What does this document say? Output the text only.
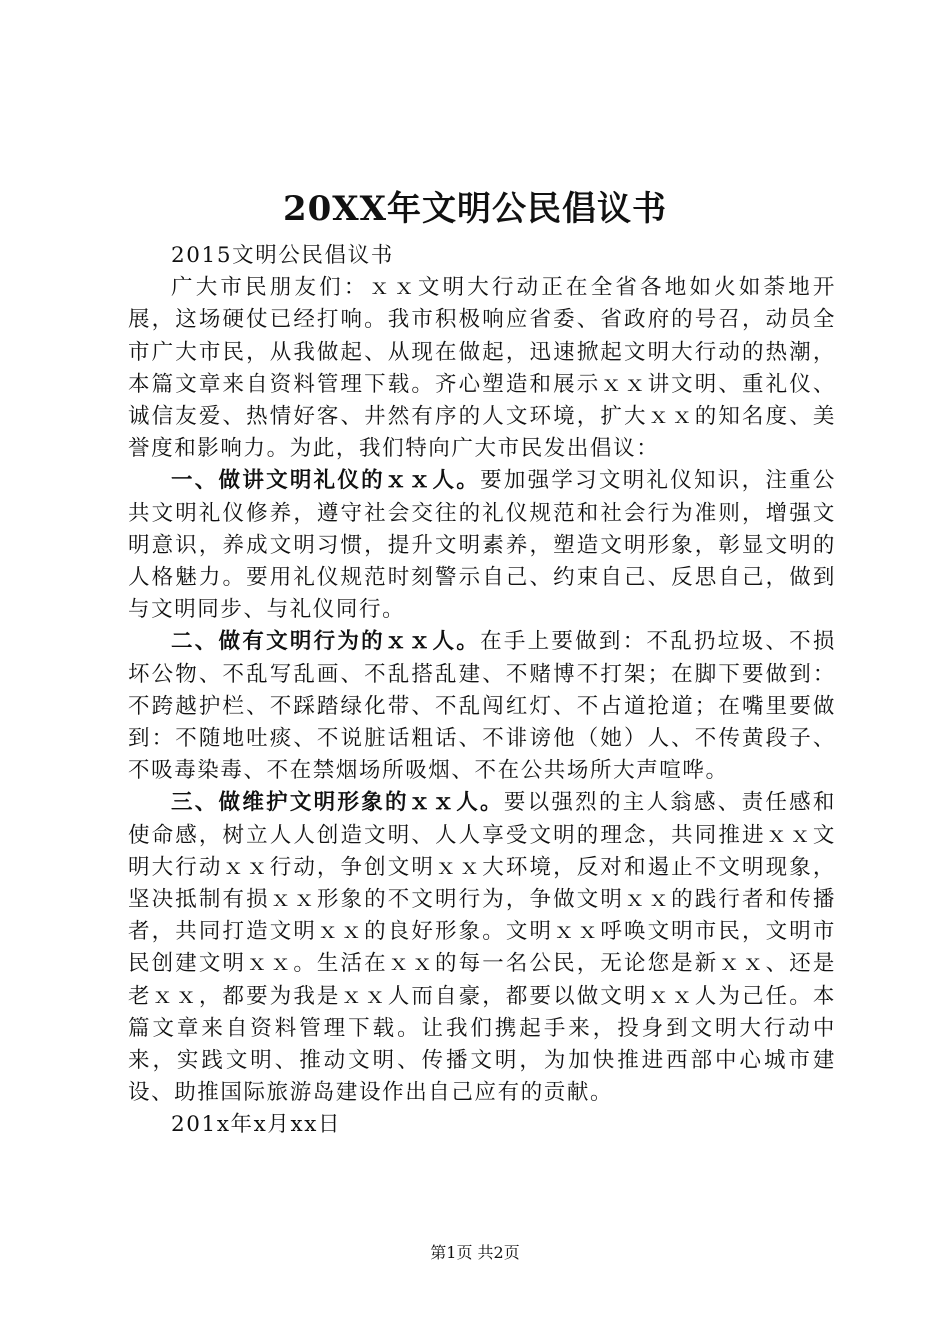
20XX年文明公民倡议书

2015文明公民倡议书

广大市民朋友们：ｘｘ文明大行动正在全省各地如火如荼地开展，这场硬仗已经打响。我市积极响应省委、省政府的号召，动员全市广大市民，从我做起、从现在做起，迅速掀起文明大行动的热潮，本篇文章来自资料管理下载。齐心塑造和展示ｘｘ讲文明、重礼仪、诚信友爱、热情好客、井然有序的人文环境，扩大ｘｘ的知名度、美誉度和影响力。为此，我们特向广大市民发出倡议：

一、做讲文明礼仪的ｘｘ人。要加强学习文明礼仪知识，注重公共文明礼仪修养，遵守社会交往的礼仪规范和社会行为准则，增强文明意识，养成文明习惯，提升文明素养，塑造文明形象，彰显文明的人格魅力。要用礼仪规范时刻警示自己、约束自己、反思自己，做到与文明同步、与礼仪同行。

二、做有文明行为的ｘｘ人。在手上要做到：不乱扔垃圾、不损坏公物、不乱写乱画、不乱搭乱建、不赌博不打架；在脚下要做到：不跨越护栏、不踩踏绿化带、不乱闯红灯、不占道抢道；在嘴里要做到：不随地吐痰、不说脏话粗话、不诽谤他（她）人、不传黄段子、不吸毒染毒、不在禁烟场所吸烟、不在公共场所大声喧哗。

三、做维护文明形象的ｘｘ人。要以强烈的主人翁感、责任感和使命感，树立人人创造文明、人人享受文明的理念，共同推进ｘｘ文明大行动ｘｘ行动，争创文明ｘｘ大环境，反对和遏止不文明现象，坚决抵制有损ｘｘ形象的不文明行为，争做文明ｘｘ的践行者和传播者，共同打造文明ｘｘ的良好形象。文明ｘｘ呼唤文明市民，文明市民创建文明ｘｘ。生活在ｘｘ的每一名公民，无论您是新ｘｘ、还是老ｘｘ，都要为我是ｘｘ人而自豪，都要以做文明ｘｘ人为己任。本篇文章来自资料管理下载。让我们携起手来，投身到文明大行动中来，实践文明、推动文明、传播文明，为加快推进西部中心城市建设、助推国际旅游岛建设作出自己应有的贡献。

201x年x月xx日

第1页 共2页
